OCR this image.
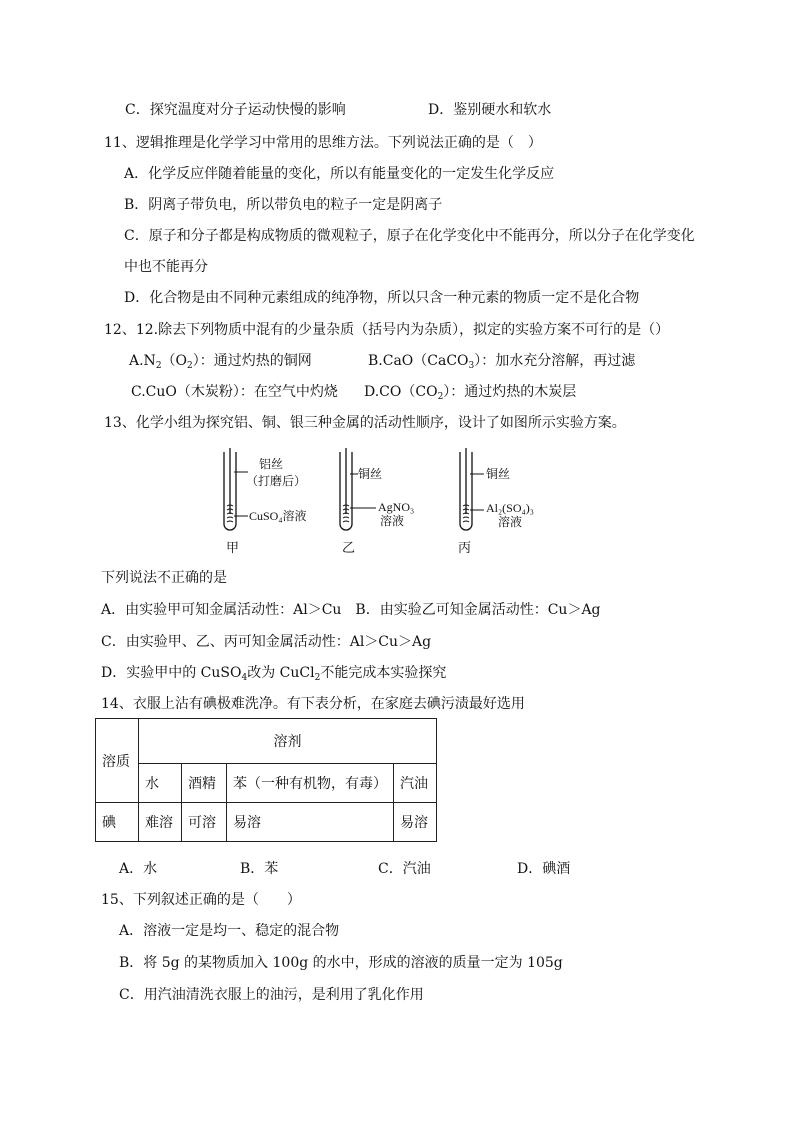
C．探究温度对分子运动快慢的影响	D．鉴别硬水和软水
11、逻辑推理是化学学习中常用的思维方法。下列说法正确的是（　）
A．化学反应伴随着能量的变化，所以有能量变化的一定发生化学反应
B．阴离子带负电，所以带负电的粒子一定是阴离子
C．原子和分子都是构成物质的微观粒子，原子在化学变化中不能再分，所以分子在化学变化
中也不能再分
D．化合物是由不同种元素组成的纯净物，所以只含一种元素的物质一定不是化合物
12、12.除去下列物质中混有的少量杂质（括号内为杂质），拟定的实验方案不可行的是（）
$A.N_2(O_2)$：通过灼热的铜网	B.CaO（CaCO$_3$）：加水充分溶解，再过滤
C.CuO（木炭粉）：在空气中灼烧 $D.CO(CO_2)$：通过灼热的木炭层
13、化学小组为探究铝、铜、银三种金属的活动性顺序，设计了如图所示实验方案。
铝丝
（打磨后）
CuSO₄溶液
甲
铜丝
AgNO₃
溶液
乙
铜丝
Al₂(SO₄)₃
溶液
丙
下列说法不正确的是
A．由实验甲可知金属活动性：Al＞Cu　B．由实验乙可知金属活动性：Cu＞Ag
C．由实验甲、乙、丙可知金属活动性：Al＞Cu＞Ag
D．实验甲中的 CuSO$_4$改为 CuCl$_2$不能完成本实验探究
14、衣服上沾有碘极难洗净。有下表分析，在家庭去碘污渍最好选用
溶质	溶剂			
	水	酒精	苯（一种有机物，有毒）	汽油
碘	难溶	可溶	易溶	易溶
A．水	B．苯	C．汽油	D．碘酒
15、下列叙述正确的是（　　）
A．溶液一定是均一、稳定的混合物
B．将 5g 的某物质加入 100g 的水中，形成的溶液的质量一定为 105g
C．用汽油清洗衣服上的油污，是利用了乳化作用
